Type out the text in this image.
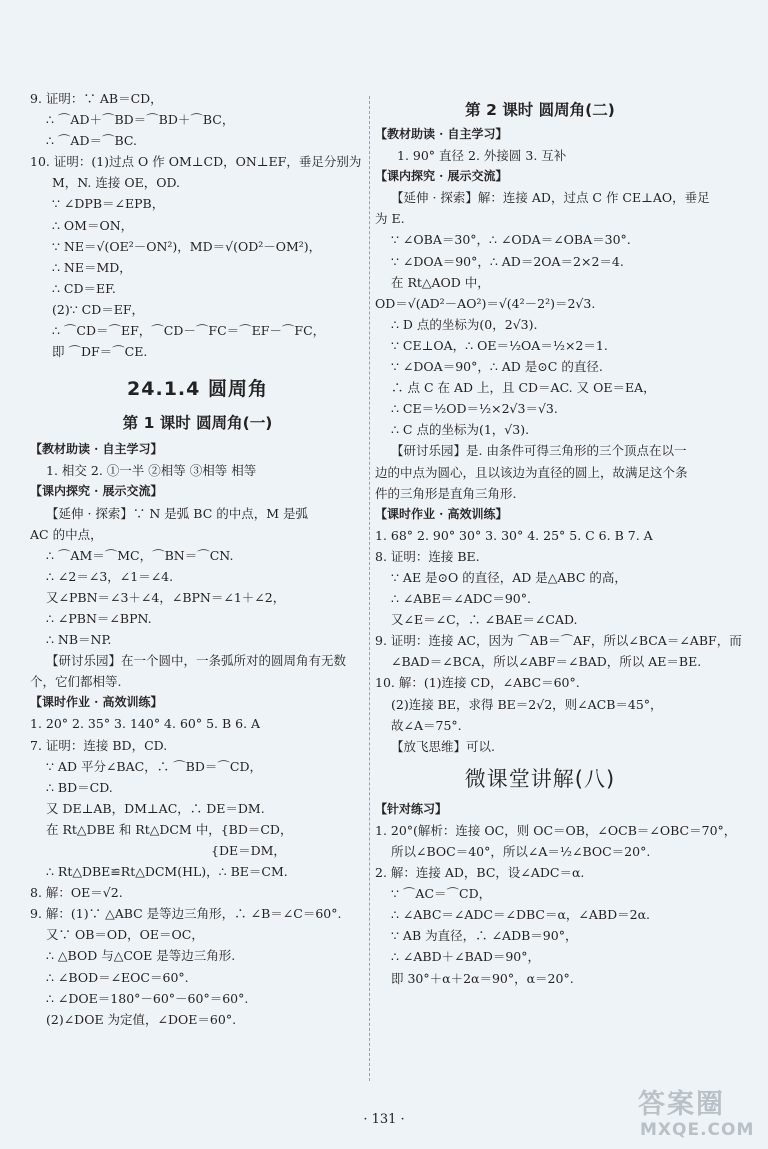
9. 证明：∵ AB＝CD，
∴ ⌒AD＋⌒BD＝⌒BD＋⌒BC，
∴ ⌒AD＝⌒BC.
10. 证明：(1)过点 O 作 OM⊥CD，ON⊥EF，垂足分别为
M，N. 连接 OE，OD.
∵ ∠DPB＝∠EPB，
∴ OM＝ON，
∵ NE＝√(OE²－ON²)，MD＝√(OD²－OM²)，
∴ NE＝MD，
∴ CD＝EF.
(2)∵ CD＝EF，
∴ ⌒CD＝⌒EF，⌒CD－⌒FC＝⌒EF－⌒FC，
即 ⌒DF＝⌒CE.
24.1.4 圆周角
第 1 课时 圆周角(一)
【教材助读 · 自主学习】
1. 相交 2. ①一半 ②相等 ③相等 相等
【课内探究 · 展示交流】
【延伸 · 探索】∵ N 是弧 BC 的中点，M 是弧
AC 的中点，
∴ ⌒AM＝⌒MC，⌒BN＝⌒CN.
∴ ∠2＝∠3，∠1＝∠4.
又∠PBN＝∠3＋∠4，∠BPN＝∠1＋∠2，
∴ ∠PBN＝∠BPN.
∴ NB＝NP.
【研讨乐园】在一个圆中，一条弧所对的圆周角有无数
个，它们都相等.
【课时作业 · 高效训练】
1. 20° 2. 35° 3. 140° 4. 60° 5. B 6. A
7. 证明：连接 BD，CD.
∵ AD 平分∠BAC，∴ ⌒BD＝⌒CD，
∴ BD＝CD.
又 DE⊥AB，DM⊥AC，∴ DE＝DM.
在 Rt△DBE 和 Rt△DCM 中，{BD＝CD，
{DE＝DM，
∴ Rt△DBE≌Rt△DCM(HL)，∴ BE＝CM.
8. 解：OE＝√2.
9. 解：(1)∵ △ABC 是等边三角形，∴ ∠B＝∠C＝60°.
又∵ OB＝OD，OE＝OC，
∴ △BOD 与△COE 是等边三角形.
∴ ∠BOD＝∠EOC＝60°.
∴ ∠DOE＝180°－60°－60°＝60°.
(2)∠DOE 为定值，∠DOE＝60°.
第 2 课时 圆周角(二)
【教材助读 · 自主学习】
1. 90° 直径 2. 外接圆 3. 互补
【课内探究 · 展示交流】
【延伸 · 探索】解：连接 AD，过点 C 作 CE⊥AO，垂足
为 E.
∵ ∠OBA＝30°，∴ ∠ODA＝∠OBA＝30°.
∵ ∠DOA＝90°，∴ AD＝2OA＝2×2＝4.
在 Rt△AOD 中，
OD＝√(AD²－AO²)＝√(4²－2²)＝2√3.
∴ D 点的坐标为(0，2√3).
∵ CE⊥OA，∴ OE＝½OA＝½×2＝1.
∵ ∠DOA＝90°，∴ AD 是⊙C 的直径.
∴ 点 C 在 AD 上，且 CD＝AC. 又 OE＝EA，
∴ CE＝½OD＝½×2√3＝√3.
∴ C 点的坐标为(1，√3).
【研讨乐园】是. 由条件可得三角形的三个顶点在以一
边的中点为圆心，且以该边为直径的圆上，故满足这个条
件的三角形是直角三角形.
【课时作业 · 高效训练】
1. 68° 2. 90° 30° 3. 30° 4. 25° 5. C 6. B 7. A
8. 证明：连接 BE.
∵ AE 是⊙O 的直径，AD 是△ABC 的高，
∴ ∠ABE＝∠ADC＝90°.
又∠E＝∠C，∴ ∠BAE＝∠CAD.
9. 证明：连接 AC，因为 ⌒AB＝⌒AF，所以∠BCA＝∠ABF，而
∠BAD＝∠BCA，所以∠ABF＝∠BAD，所以 AE＝BE.
10. 解：(1)连接 CD，∠ABC＝60°.
(2)连接 BE，求得 BE＝2√2，则∠ACB＝45°，
故∠A＝75°.
【放飞思维】可以.
微课堂讲解(八)
【针对练习】
1. 20°(解析：连接 OC，则 OC＝OB，∠OCB＝∠OBC＝70°，
所以∠BOC＝40°，所以∠A＝½∠BOC＝20°.
2. 解：连接 AD，BC，设∠ADC＝α.
∵ ⌒AC＝⌒CD，
∴ ∠ABC＝∠ADC＝∠DBC＝α，∠ABD＝2α.
∵ AB 为直径，∴ ∠ADB＝90°，
∴ ∠ABD＋∠BAD＝90°，
即 30°＋α＋2α＝90°，α＝20°.
· 131 ·	答案圈
MXQE.COM
